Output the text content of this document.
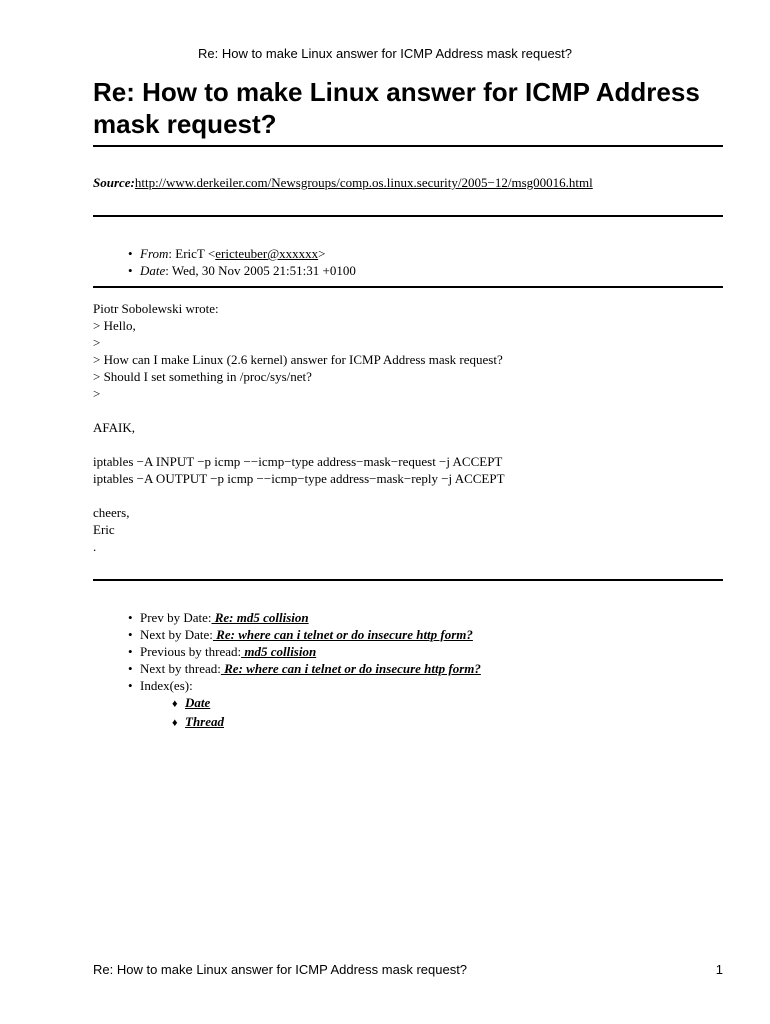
Re: How to make Linux answer for ICMP Address mask request?
Re: How to make Linux answer for ICMP Address mask request?
Source:http://www.derkeiler.com/Newsgroups/comp.os.linux.security/2005−12/msg00016.html
• From: EricT <ericteuber@xxxxxx>
• Date: Wed, 30 Nov 2005 21:51:31 +0100
Piotr Sobolewski wrote:
> Hello,
>
> How can I make Linux (2.6 kernel) answer for ICMP Address mask request?
> Should I set something in /proc/sys/net?
>
AFAIK,
iptables −A INPUT −p icmp −−icmp−type address−mask−request −j ACCEPT
iptables −A OUTPUT −p icmp −−icmp−type address−mask−reply −j ACCEPT
cheers,
Eric
.
• Prev by Date: Re: md5 collision
• Next by Date: Re: where can i telnet or do insecure http form?
• Previous by thread: md5 collision
• Next by thread: Re: where can i telnet or do insecure http form?
• Index(es):
♦ Date
♦ Thread
Re: How to make Linux answer for ICMP Address mask request?	1
